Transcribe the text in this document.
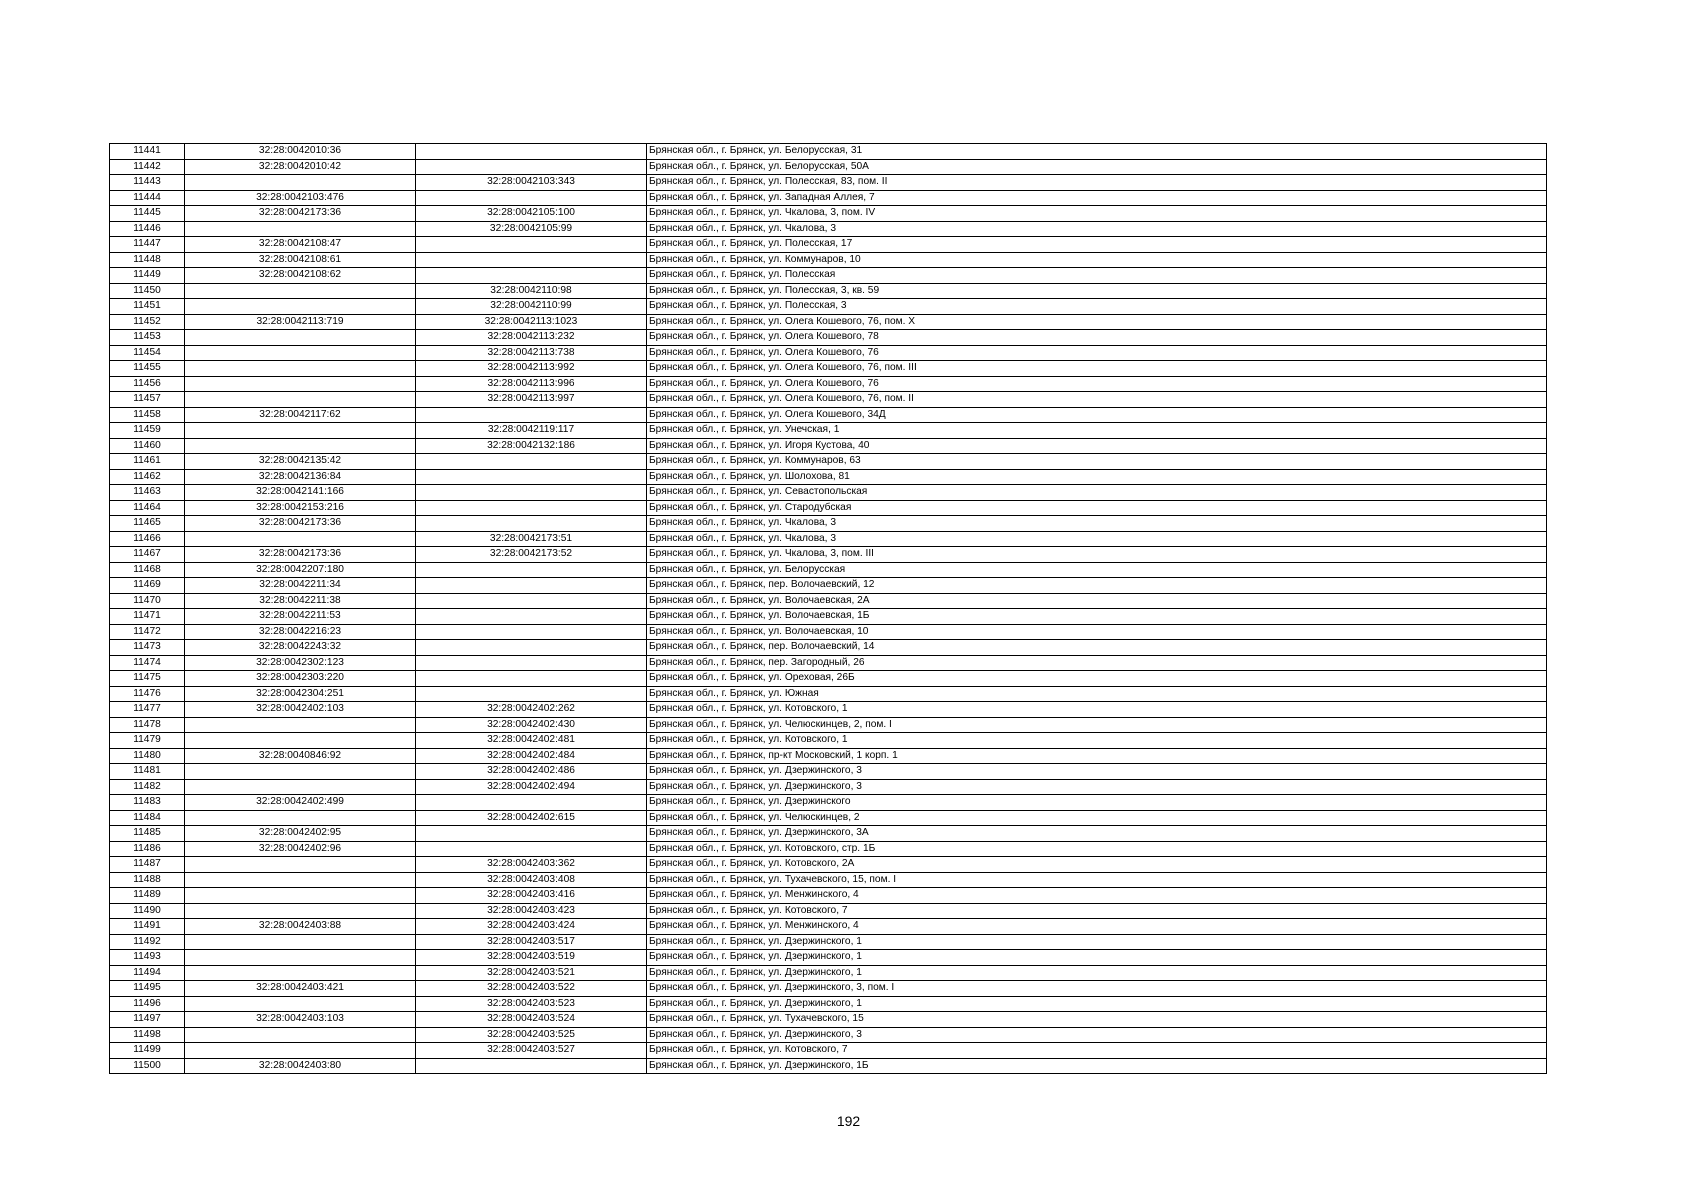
11441	32:28:0042010:36		Брянская обл., г. Брянск, ул. Белорусская, 31
11442	32:28:0042010:42		Брянская обл., г. Брянск, ул. Белорусская, 50А
11443		32:28:0042103:343	Брянская обл., г. Брянск, ул. Полесская, 83, пом. II
11444	32:28:0042103:476		Брянская обл., г. Брянск, ул. Западная Аллея, 7
11445	32:28:0042173:36	32:28:0042105:100	Брянская обл., г. Брянск, ул. Чкалова, 3, пом. IV
11446		32:28:0042105:99	Брянская обл., г. Брянск, ул. Чкалова, 3
11447	32:28:0042108:47		Брянская обл., г. Брянск, ул. Полесская, 17
11448	32:28:0042108:61		Брянская обл., г. Брянск, ул. Коммунаров, 10
11449	32:28:0042108:62		Брянская обл., г. Брянск, ул. Полесская
11450		32:28:0042110:98	Брянская обл., г. Брянск, ул. Полесская, 3, кв. 59
11451		32:28:0042110:99	Брянская обл., г. Брянск, ул. Полесская, 3
11452	32:28:0042113:719	32:28:0042113:1023	Брянская обл., г. Брянск, ул. Олега Кошевого, 76, пом. X
11453		32:28:0042113:232	Брянская обл., г. Брянск, ул. Олега Кошевого, 78
11454		32:28:0042113:738	Брянская обл., г. Брянск, ул. Олега Кошевого, 76
11455		32:28:0042113:992	Брянская обл., г. Брянск, ул. Олега Кошевого, 76, пом. III
11456		32:28:0042113:996	Брянская обл., г. Брянск, ул. Олега Кошевого, 76
11457		32:28:0042113:997	Брянская обл., г. Брянск, ул. Олега Кошевого, 76, пом. II
11458	32:28:0042117:62		Брянская обл., г. Брянск, ул. Олега Кошевого, 34Д
11459		32:28:0042119:117	Брянская обл., г. Брянск, ул. Унечская, 1
11460		32:28:0042132:186	Брянская обл., г. Брянск, ул. Игоря Кустова, 40
11461	32:28:0042135:42		Брянская обл., г. Брянск, ул. Коммунаров, 63
11462	32:28:0042136:84		Брянская обл., г. Брянск, ул. Шолохова, 81
11463	32:28:0042141:166		Брянская обл., г. Брянск, ул. Севастопольская
11464	32:28:0042153:216		Брянская обл., г. Брянск, ул. Стародубская
11465	32:28:0042173:36		Брянская обл., г. Брянск, ул. Чкалова, 3
11466		32:28:0042173:51	Брянская обл., г. Брянск, ул. Чкалова, 3
11467	32:28:0042173:36	32:28:0042173:52	Брянская обл., г. Брянск, ул. Чкалова, 3, пом. III
11468	32:28:0042207:180		Брянская обл., г. Брянск, ул. Белорусская
11469	32:28:0042211:34		Брянская обл., г. Брянск, пер. Волочаевский, 12
11470	32:28:0042211:38		Брянская обл., г. Брянск, ул. Волочаевская, 2А
11471	32:28:0042211:53		Брянская обл., г. Брянск, ул. Волочаевская, 1Б
11472	32:28:0042216:23		Брянская обл., г. Брянск, ул. Волочаевская, 10
11473	32:28:0042243:32		Брянская обл., г. Брянск, пер. Волочаевский, 14
11474	32:28:0042302:123		Брянская обл., г. Брянск, пер. Загородный, 26
11475	32:28:0042303:220		Брянская обл., г. Брянск, ул. Ореховая, 26Б
11476	32:28:0042304:251		Брянская обл., г. Брянск, ул. Южная
11477	32:28:0042402:103	32:28:0042402:262	Брянская обл., г. Брянск, ул. Котовского, 1
11478		32:28:0042402:430	Брянская обл., г. Брянск, ул. Челюскинцев, 2, пом. I
11479		32:28:0042402:481	Брянская обл., г. Брянск, ул. Котовского, 1
11480	32:28:0040846:92	32:28:0042402:484	Брянская обл., г. Брянск, пр-кт Московский, 1 корп. 1
11481		32:28:0042402:486	Брянская обл., г. Брянск, ул. Дзержинского, 3
11482		32:28:0042402:494	Брянская обл., г. Брянск, ул. Дзержинского, 3
11483	32:28:0042402:499		Брянская обл., г. Брянск, ул. Дзержинского
11484		32:28:0042402:615	Брянская обл., г. Брянск, ул. Челюскинцев, 2
11485	32:28:0042402:95		Брянская обл., г. Брянск, ул. Дзержинского, 3А
11486	32:28:0042402:96		Брянская обл., г. Брянск, ул. Котовского, стр. 1Б
11487		32:28:0042403:362	Брянская обл., г. Брянск, ул. Котовского, 2А
11488		32:28:0042403:408	Брянская обл., г. Брянск, ул. Тухачевского, 15, пом. I
11489		32:28:0042403:416	Брянская обл., г. Брянск, ул. Менжинского, 4
11490		32:28:0042403:423	Брянская обл., г. Брянск, ул. Котовского, 7
11491	32:28:0042403:88	32:28:0042403:424	Брянская обл., г. Брянск, ул. Менжинского, 4
11492		32:28:0042403:517	Брянская обл., г. Брянск, ул. Дзержинского, 1
11493		32:28:0042403:519	Брянская обл., г. Брянск, ул. Дзержинского, 1
11494		32:28:0042403:521	Брянская обл., г. Брянск, ул. Дзержинского, 1
11495	32:28:0042403:421	32:28:0042403:522	Брянская обл., г. Брянск, ул. Дзержинского, 3, пом. I
11496		32:28:0042403:523	Брянская обл., г. Брянск, ул. Дзержинского, 1
11497	32:28:0042403:103	32:28:0042403:524	Брянская обл., г. Брянск, ул. Тухачевского, 15
11498		32:28:0042403:525	Брянская обл., г. Брянск, ул. Дзержинского, 3
11499		32:28:0042403:527	Брянская обл., г. Брянск, ул. Котовского, 7
11500	32:28:0042403:80		Брянская обл., г. Брянск, ул. Дзержинского, 1Б
192
